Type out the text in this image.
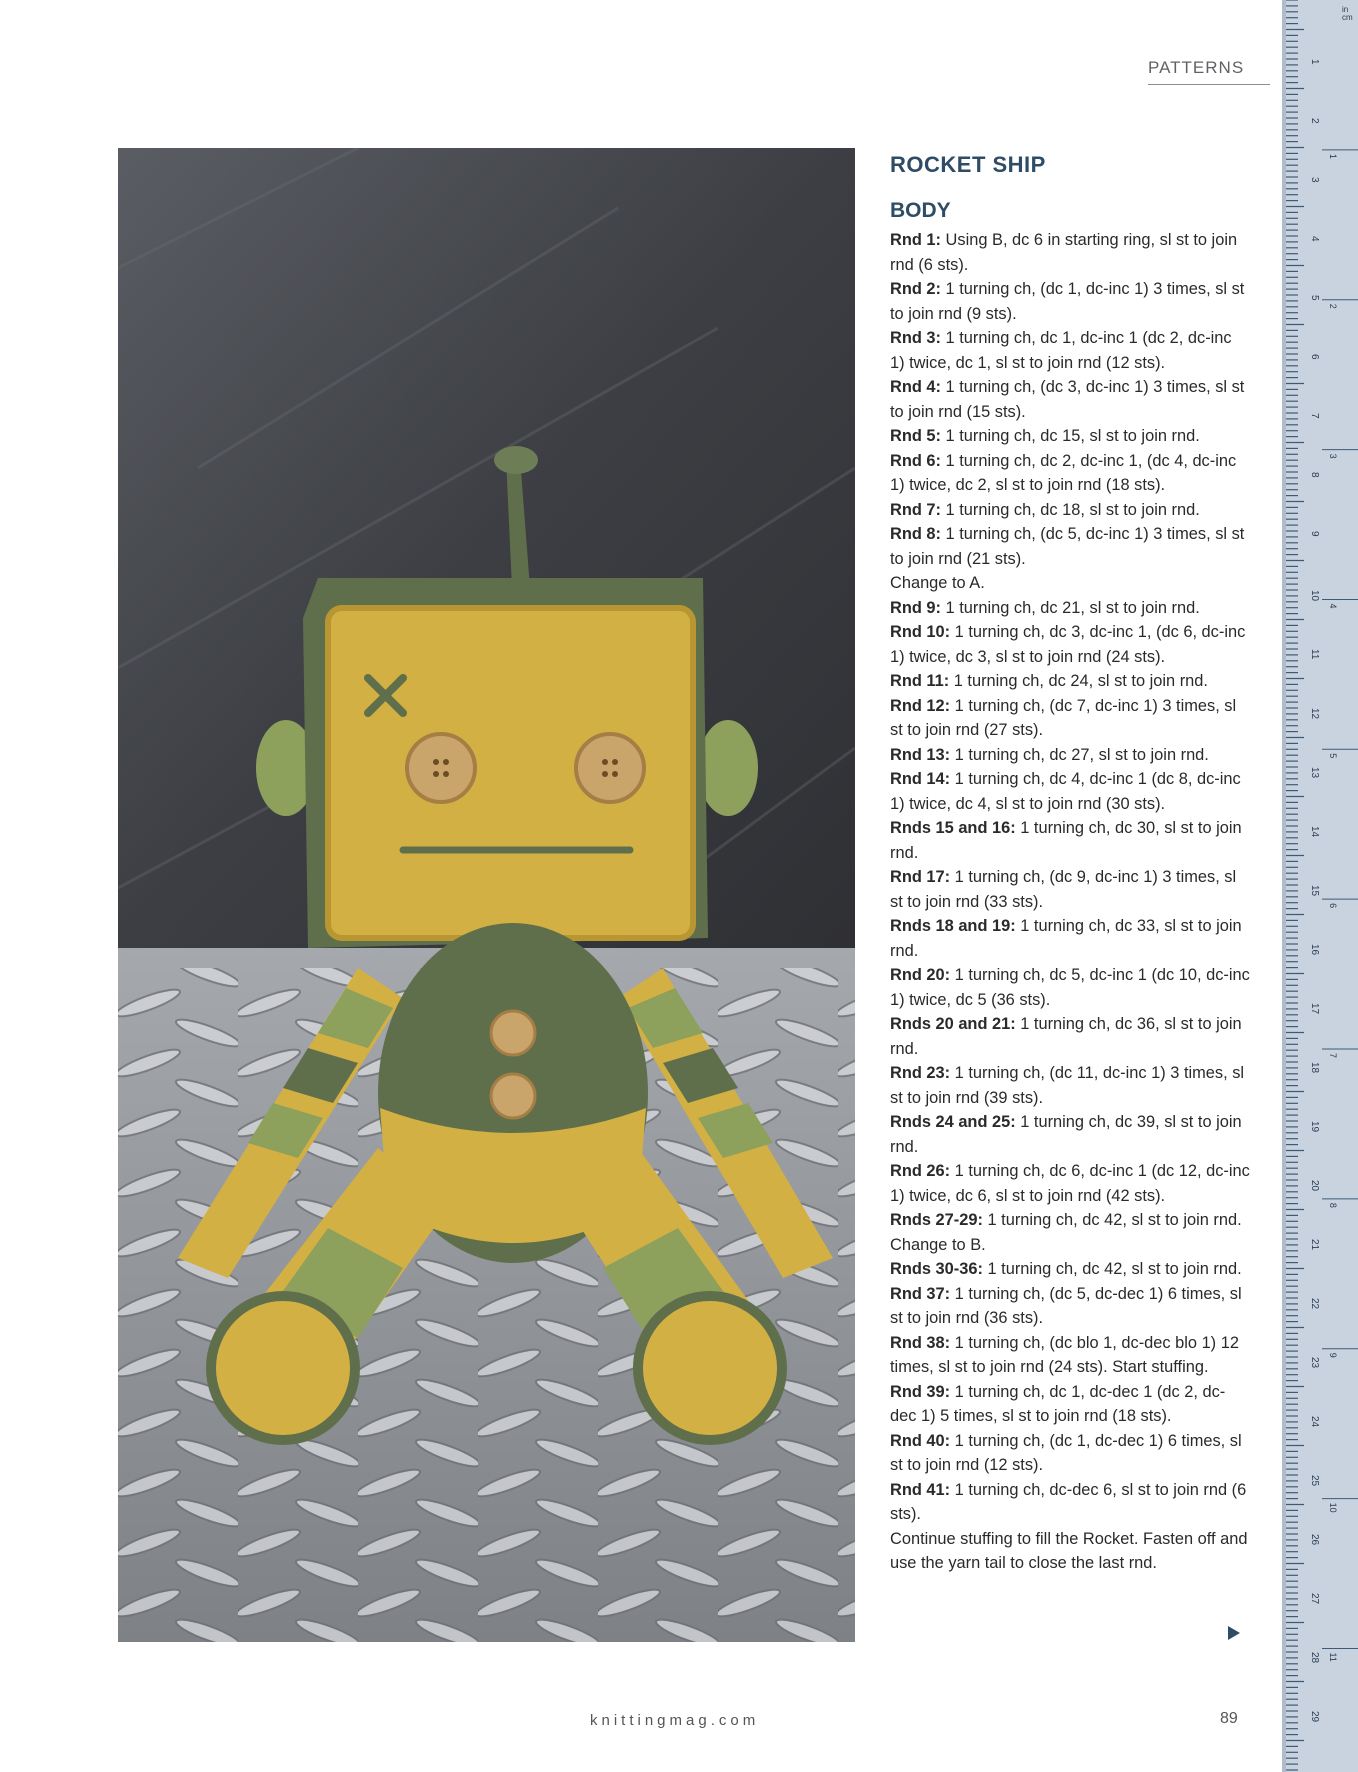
PATTERNS
ROCKET SHIP
BODY

Rnd 1: Using B, dc 6 in starting ring, sl st to join rnd (6 sts).

Rnd 2: 1 turning ch, (dc 1, dc-inc 1) 3 times, sl st to join rnd (9 sts).

Rnd 3: 1 turning ch, dc 1, dc-inc 1 (dc 2, dc-inc 1) twice, dc 1, sl st to join rnd (12 sts).

Rnd 4: 1 turning ch, (dc 3, dc-inc 1) 3 times, sl st to join rnd (15 sts).

Rnd 5: 1 turning ch, dc 15, sl st to join rnd.

Rnd 6: 1 turning ch, dc 2, dc-inc 1, (dc 4, dc-inc 1) twice, dc 2, sl st to join rnd (18 sts).

Rnd 7: 1 turning ch, dc 18, sl st to join rnd.

Rnd 8: 1 turning ch, (dc 5, dc-inc 1) 3 times, sl st to join rnd (21 sts).

Change to A.

Rnd 9: 1 turning ch, dc 21, sl st to join rnd.

Rnd 10: 1 turning ch, dc 3, dc-inc 1, (dc 6, dc-inc 1) twice, dc 3, sl st to join rnd (24 sts).

Rnd 11: 1 turning ch, dc 24, sl st to join rnd.

Rnd 12: 1 turning ch, (dc 7, dc-inc 1) 3 times, sl st to join rnd (27 sts).

Rnd 13: 1 turning ch, dc 27, sl st to join rnd.

Rnd 14: 1 turning ch, dc 4, dc-inc 1 (dc 8, dc-inc 1) twice, dc 4, sl st to join rnd (30 sts).

Rnds 15 and 16: 1 turning ch, dc 30, sl st to join rnd.

Rnd 17: 1 turning ch, (dc 9, dc-inc 1) 3 times, sl st to join rnd (33 sts).

Rnds 18 and 19: 1 turning ch, dc 33, sl st to join rnd.

Rnd 20: 1 turning ch, dc 5, dc-inc 1 (dc 10, dc-inc 1) twice, dc 5 (36 sts).

Rnds 20 and 21: 1 turning ch, dc 36, sl st to join rnd.

Rnd 23: 1 turning ch, (dc 11, dc-inc 1) 3 times, sl st to join rnd (39 sts).

Rnds 24 and 25: 1 turning ch, dc 39, sl st to join rnd.

Rnd 26: 1 turning ch, dc 6, dc-inc 1 (dc 12, dc-inc 1) twice, dc 6, sl st to join rnd (42 sts).

Rnds 27-29: 1 turning ch, dc 42, sl st to join rnd. Change to B.

Rnds 30-36: 1 turning ch, dc 42, sl st to join rnd.

Rnd 37: 1 turning ch, (dc 5, dc-dec 1) 6 times, sl st to join rnd (36 sts).

Rnd 38: 1 turning ch, (dc blo 1, dc-dec blo 1) 12 times, sl st to join rnd (24 sts). Start stuffing.

Rnd 39: 1 turning ch, dc 1, dc-dec 1 (dc 2, dc-dec 1) 5 times, sl st to join rnd (18 sts).

Rnd 40: 1 turning ch, (dc 1, dc-dec 1) 6 times, sl st to join rnd (12 sts).

Rnd 41: 1 turning ch, dc-dec 6, sl st to join rnd (6 sts).

Continue stuffing to fill the Rocket. Fasten off and use the yarn tail to close the last rnd.

knittingmag.com	89
1
2
3
4
5
6
7
8
9
10
11
12
13
14
15
16
17
18
19
20
21
22
23
24
25
26
27
28
29
1
2
3
4
5
6
7
8
9
10
11
in
cm
